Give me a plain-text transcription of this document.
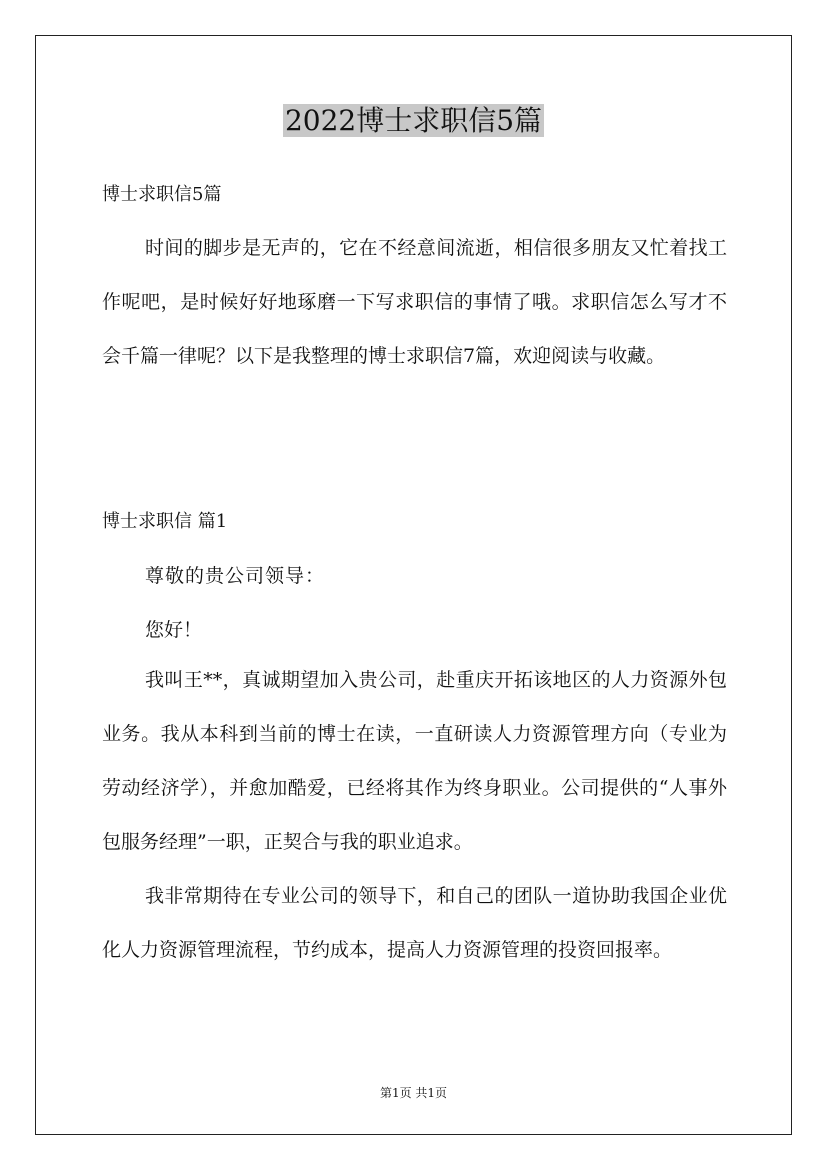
2022博士求职信5篇

博士求职信5篇

时间的脚步是无声的，它在不经意间流逝，相信很多朋友又忙着找工作呢吧，是时候好好地琢磨一下写求职信的事情了哦。求职信怎么写才不会千篇一律呢？以下是我整理的博士求职信7篇，欢迎阅读与收藏。

博士求职信 篇1

尊敬的贵公司领导：

您好！

我叫王**，真诚期望加入贵公司，赴重庆开拓该地区的人力资源外包业务。我从本科到当前的博士在读，一直研读人力资源管理方向（专业为劳动经济学），并愈加酷爱，已经将其作为终身职业。公司提供的“人事外包服务经理”一职，正契合与我的职业追求。

我非常期待在专业公司的领导下，和自己的团队一道协助我国企业优化人力资源管理流程，节约成本，提高人力资源管理的投资回报率。

第1页 共1页
